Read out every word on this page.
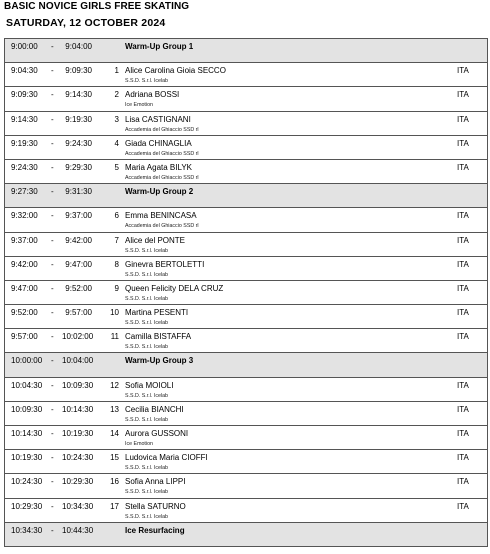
BASIC NOVICE GIRLS FREE SKATING
SATURDAY, 12 OCTOBER 2024
9:00:00 -	9:04:00	Warm-Up Group 1
9:04:30 -	9:09:30	1 Alice Carolina Gioia SECCO
S.S.D. S.r.l. Icelab
ITA
9:09:30 -	9:14:30	2 Adriana BOSSI
Ice Emotion
ITA
9:14:30 -	9:19:30	3 Lisa CASTIGNANI
Accademia del Ghiaccio SSD rl
ITA
9:19:30 -	9:24:30	4 Giada CHINAGLIA
Accademia del Ghiaccio SSD rl
ITA
9:24:30 -	9:29:30	5 Maria Agata BILYK
Accademia del Ghiaccio SSD rl
ITA
9:27:30 -	9:31:30	Warm-Up Group 2
9:32:00 -	9:37:00	6 Emma BENINCASA
Accademia del Ghiaccio SSD rl
ITA
9:37:00 -	9:42:00	7 Alice del PONTE
S.S.D. S.r.l. Icelab
ITA
9:42:00 -	9:47:00	8 Ginevra BERTOLETTI
S.S.D. S.r.l. Icelab
ITA
9:47:00 -	9:52:00	9 Queen Felicity DELA CRUZ
S.S.D. S.r.l. Icelab
ITA
9:52:00 -	9:57:00	10 Martina PESENTI
S.S.D. S.r.l. Icelab
ITA
9:57:00 - 10:02:00	11 Camilla BISTAFFA
S.S.D. S.r.l. Icelab
ITA
10:00:00 - 10:04:00	Warm-Up Group 3
10:04:30 - 10:09:30	12 Sofia MOIOLI
S.S.D. S.r.l. Icelab
ITA
10:09:30 - 10:14:30	13 Cecilia BIANCHI
S.S.D. S.r.l. Icelab
ITA
10:14:30 - 10:19:30	14 Aurora GUSSONI
Ice Emotion
ITA
10:19:30 - 10:24:30	15 Ludovica Maria CIOFFI
S.S.D. S.r.l. Icelab
ITA
10:24:30 - 10:29:30	16 Sofia Anna LIPPI
S.S.D. S.r.l. Icelab
ITA
10:29:30 - 10:34:30	17 Stella SATURNO
S.S.D. S.r.l. Icelab
ITA
10:34:30 - 10:44:30	Ice Resurfacing
